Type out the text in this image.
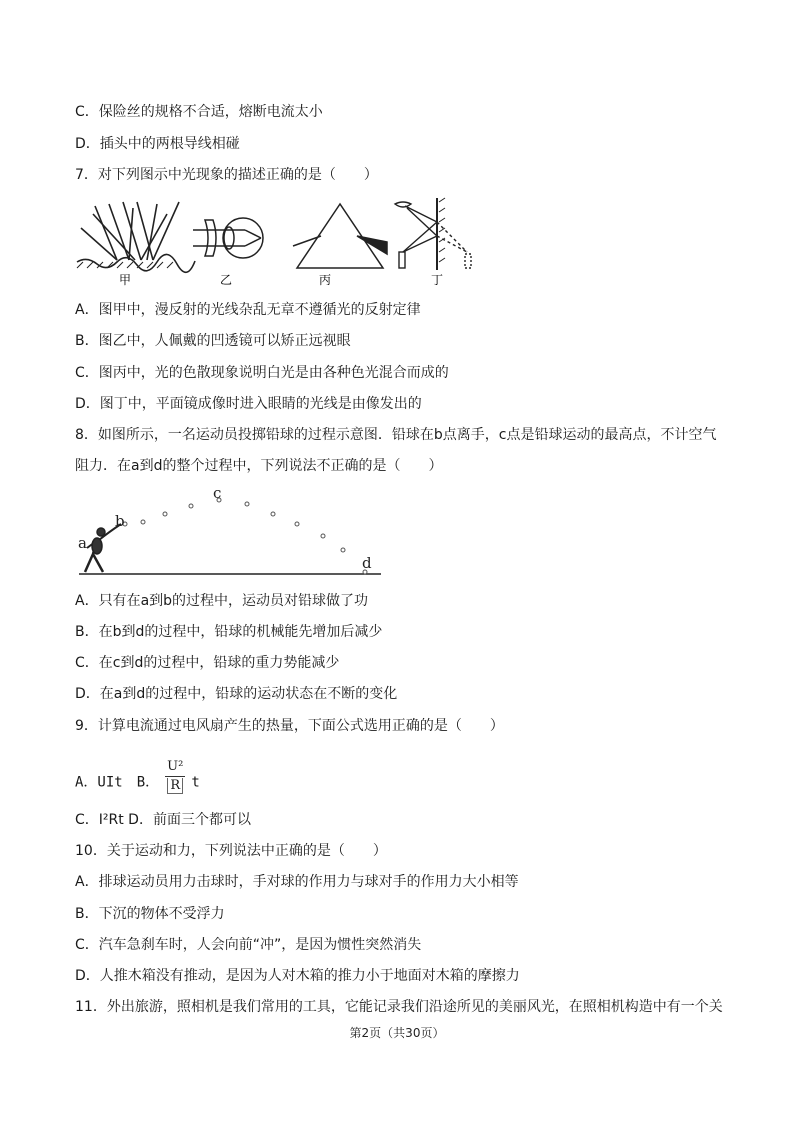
C．保险丝的规格不合适，熔断电流太小
D．插头中的两根导线相碰
7．对下列图示中光现象的描述正确的是（　　）
甲	乙	丙	丁
A．图甲中，漫反射的光线杂乱无章不遵循光的反射定律
B．图乙中，人佩戴的凹透镜可以矫正远视眼
C．图丙中，光的色散现象说明白光是由各种色光混合而成的
D．图丁中，平面镜成像时进入眼睛的光线是由像发出的
8．如图所示，一名运动员投掷铅球的过程示意图．铅球在b点离手，c点是铅球运动的最高点，不计空气
阻力．在a到d的整个过程中，下列说法不正确的是（　　）
a
b
c
d
A．只有在a到b的过程中，运动员对铅球做了功
B．在b到d的过程中，铅球的机械能先增加后减少
C．在c到d的过程中，铅球的重力势能减少
D．在a到d的过程中，铅球的运动状态在不断的变化
9．计算电流通过电风扇产生的热量，下面公式选用正确的是（　　）
A．UIt　B． $\frac{\text{U²}}{R}$ t
C．I²Rt D．前面三个都可以
10．关于运动和力，下列说法中正确的是（　　）
A．排球运动员用力击球时，手对球的作用力与球对手的作用力大小相等
B．下沉的物体不受浮力
C．汽车急刹车时，人会向前“冲”，是因为惯性突然消失
D．人推木箱没有推动，是因为人对木箱的推力小于地面对木箱的摩擦力
11．外出旅游，照相机是我们常用的工具，它能记录我们沿途所见的美丽风光，在照相机构造中有一个关
第2页（共30页）
